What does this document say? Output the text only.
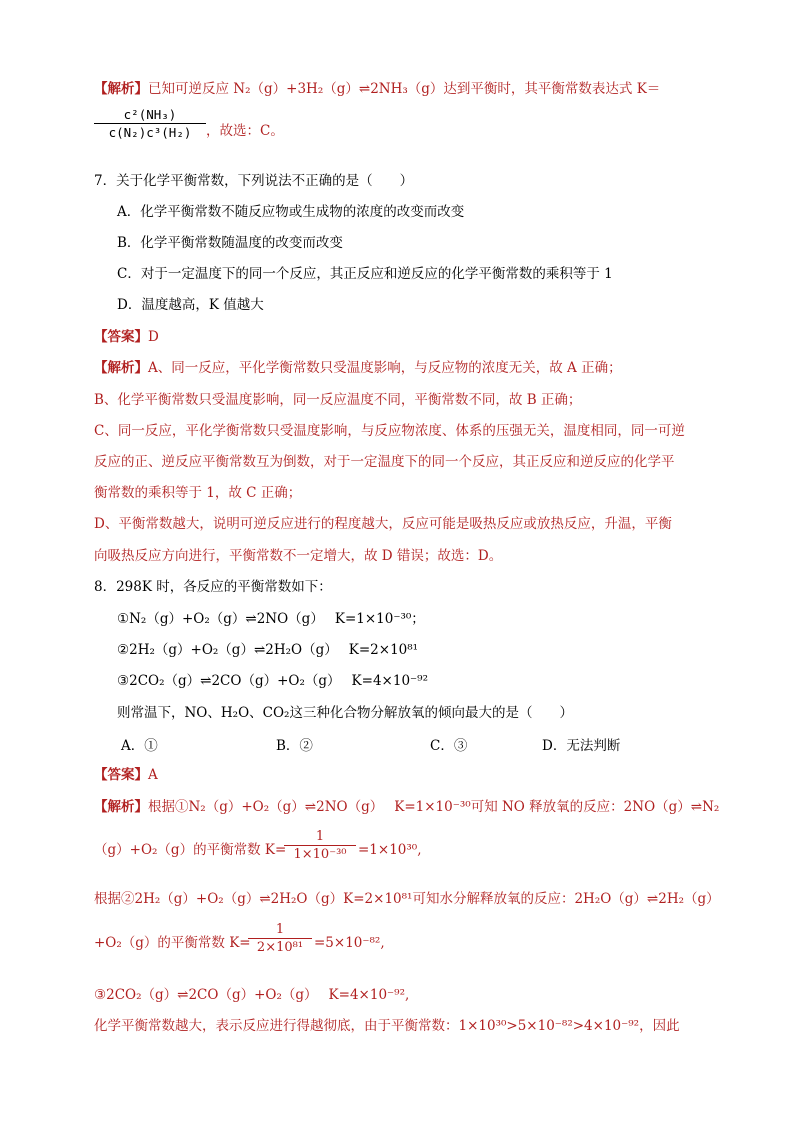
【解析】已知可逆反应 N₂（g）+3H₂（g）⇌2NH₃（g）达到平衡时，其平衡常数表达式 K＝
c²(NH₃)
c(N₂)c³(H₂)	，故选：C。
7．关于化学平衡常数，下列说法不正确的是（　　）
A．化学平衡常数不随反应物或生成物的浓度的改变而改变
B．化学平衡常数随温度的改变而改变
C．对于一定温度下的同一个反应，其正反应和逆反应的化学平衡常数的乘积等于 1
D．温度越高，K 值越大
【答案】D
【解析】A、同一反应，平化学衡常数只受温度影响，与反应物的浓度无关，故 A 正确；
B、化学平衡常数只受温度影响，同一反应温度不同，平衡常数不同，故 B 正确；
C、同一反应，平化学衡常数只受温度影响，与反应物浓度、体系的压强无关，温度相同，同一可逆
反应的正、逆反应平衡常数互为倒数，对于一定温度下的同一个反应，其正反应和逆反应的化学平
衡常数的乘积等于 1，故 C 正确；
D、平衡常数越大，说明可逆反应进行的程度越大，反应可能是吸热反应或放热反应，升温，平衡
向吸热反应方向进行，平衡常数不一定增大，故 D 错误；故选：D。
8．298K 时，各反应的平衡常数如下：
①N₂（g）+O₂（g）⇌2NO（g）　 K=1×10⁻³⁰；
②2H₂（g）+O₂（g）⇌2H₂O（g）　 K=2×10⁸¹
③2CO₂（g）⇌2CO（g）+O₂（g）　 K=4×10⁻⁹²
则常温下，NO、H₂O、CO₂这三种化合物分解放氧的倾向最大的是（　　）
A．①	B．②	C．③	D．无法判断
【答案】A
【解析】根据①N₂（g）+O₂（g）⇌2NO（g）　 K=1×10⁻³⁰可知 NO 释放氧的反应：2NO（g）⇌N₂
（g）+O₂（g）的平衡常数 K=
1
1×10⁻³⁰ =1×10³⁰,
根据②2H₂（g）+O₂（g）⇌2H₂O（g）K=2×10⁸¹可知水分解释放氧的反应：2H₂O（g）⇌2H₂（g）
+O₂（g）的平衡常数 K=
1
2×10⁸¹ =5×10⁻⁸²,
③2CO₂（g）⇌2CO（g）+O₂（g）　 K=4×10⁻⁹²,
化学平衡常数越大，表示反应进行得越彻底，由于平衡常数：1×10³⁰>5×10⁻⁸²>4×10⁻⁹²，因此
